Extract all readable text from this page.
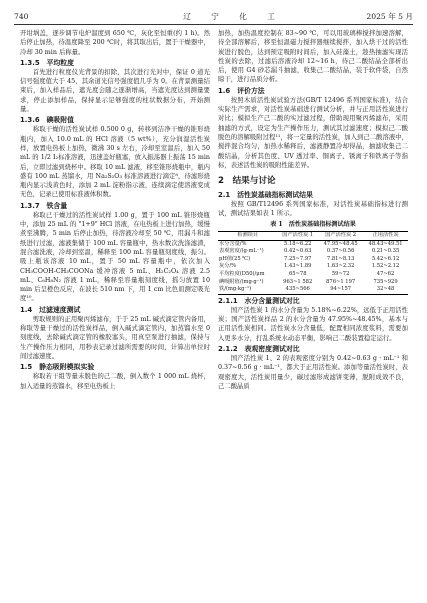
740	辽 宁 化 工	2025 年 5 月

开坩埚盖，逐步调节电炉温度到 650 ℃，灰化至恒重(约 1 h)。然后停止加热，待温度降至 200 ℃时，将其取出后，置于干燥器中，冷却 30 min 后称量。

1.3.5　平均粒度

首先进行粒度仪光背景的扣除，其次进行光对中，保证 0 道光信号强度值大于 45，其余道光信号强度值几乎为 0。在背景测量结束后，加入样品后，遮光度会随之逐渐增高，当遮光度达到测量要求，停止添加样品，保持显示足够强度的柱状数据分布，开始测量。

1.3.6　碘吸附值

称取干燥的活性炭试样 0.500 0 g，转移到洁净干燥的锥形烧瓶内，加入 10.0 mL 的 HCl 溶液（5 wt%），充分润湿活性炭样，放置电热板上加热，微沸 30 s 左右，冷却至室温后，加入 50 mL 的 1/2 I₂标准溶液，迅速盖好瓶塞，放入振荡器上振荡 15 min 后，立即过滤到烧杯中。移取 10 mL 滤液，移至锥形烧瓶中，瓶内盛有 100 mL 蒸馏水，用 Na₂S₂O₃ 标准溶液进行滴定⁸，待滤形烧瓶内显示浅黄色时，添加 2 mL 淀粉指示液，连续滴定使溶液变成无色，记录已使用标准液体积数。

1.3.7　铁含量

称取已干燥过的活性炭试样 1.00 g，置于 100 mL 锥形烧瓶中，添加 25 mL 的 "1+9" HCl 溶液，在电热板上进行加热，缓慢煮至沸腾，5 min 后停止加热，待溶液冷却至 50 ℃，用漏斗和滤纸进行过滤，滤液集储于 100 mL 容量瓶中，热水数次洗涤滤渣，混合滤洗液，冷却到室温，稀释至 100 mL 容量瓶刻度线，振匀。吸上瓶该溶液 10 mL，置于 50 mL 容量瓶中，依次加入 CH₃COOH-CH₃COONa 缓冲溶液 5 mL、H₂C₂O₄ 溶液 2.5 mL、C₆H₈N₂ 溶液 1 mL，稀释至容量瓶刻度线，摇匀放置 10 min 后呈橙色反应，在波长 510 nm 下，用 1 cm 比色皿测定吸光度¹⁰。

1.4　过滤速度测试

剪取规则的正用聚丙烯滤布，于于 25 mL 碱式滴定管内备用，称取等量干燥过的活性炭样品，倒入碱式滴定管内，加蒸馏水至 0 刻度线，去除碱式滴定管的橡胶塞头，用真空泵进行抽滤，保持与生产操作压力相同，用秒表记录过滤所需要的时间，计算出单位时间过滤速度。

1.5　静态吸附模拟实验

称取若干组等量未脱色的己二酸，倒入数个 1 000 mL 烧杯，加入适量的蒸馏水，移至电热板上

加热，加热温度控制在 83~90 ℃，可以用玻璃棒搅拌加速溶解，待全部溶解后，移至恒温磁力搅拌器继续搅拌，加入烘干过的活性炭进行脱色，达到预定吸附时间后，加入硅藻土，趁热抽滤实现活性炭的去除，过滤后溶液冷却 12~16 h，待己二酸结晶全部析出后，使用 G4 砂芯漏斗抽滤，收集己二酸结晶，装于软件袋，自然晾干，进行品质分析。

1.6　评价方法

按照木质活性炭试验方法(GB/T 12496 系列国家标准)，结合实际生产需求，对活性炭基础进行测试分析，并与正用活性炭进行对比；模拟生产己二酸的实过滤过程，借助现用聚丙烯滤布，采用抽滤的方式，设定为生产操作压力，测试其过滤速度；模拟己二酸脱色的溶解吸附过程¹¹，将一定量的活性炭，加入到己二酸溶液中，搅拌混合均匀，加热水稀释后，滤液静置冷却得晶，抽滤收集己二酸结晶，分析其色度、UV 透过率、铜离子、锈离子和铁离子等指标，表述活性炭的吸附性能差异。

2　结果与讨论
2.1　活性炭基础指标测试结果

按照 GB/T12496 系列国家标准，对活性炭基础指标进行测试，测试结果如表 1 所示。

表 1　活性炭基础指标测试结果
检测项目	国产活性炭 1	国产活性炭 2	正用活性炭
水分含量/%	5.18~6.22	47.95~48.45	48.43~49.51
表观密度/(g·mL⁻¹)	0.42~0.63	0.37~0.56	0.21~0.35
pH值(25 ℃)	7.25~7.97	7.81~8.13	5.42~6.12
灰分/%	1.43~1.89	1.63~2.32	1.52~2.12
平均粒度(D50)/μm	65~78	59~72	47~62
碘吸附值/(mg·g⁻¹)	963~1 582	876~1 197	735~929
铁/(mg·kg⁻¹)	435~566	94~157	32~48
2.1.1　水分含量测试对比

国产活性炭 1 的水分含量为 5.18%~6.22%，远低于正用活性炭；国产活性炭样品 2 的水分含量为 47.95%~48.45%，基本与正用活性炭相同。活性炭水分含量低，配置相同浓度浆料，需要加入更多水分，打乱系统水动态平衡，影响己二酸装置稳定运行。

2.1.2　表观密度测试对比

国产活性炭 1、2 的表观密度分别为 0.42~0.63 g · mL⁻¹ 和 0.37~0.56 g · mL⁻¹，都大于正用活性炭。添加等量活性炭时，表观密度大，活性炭用量少，碳过滤形成滤饼变薄，脱附成效不良，己二酸晶质
